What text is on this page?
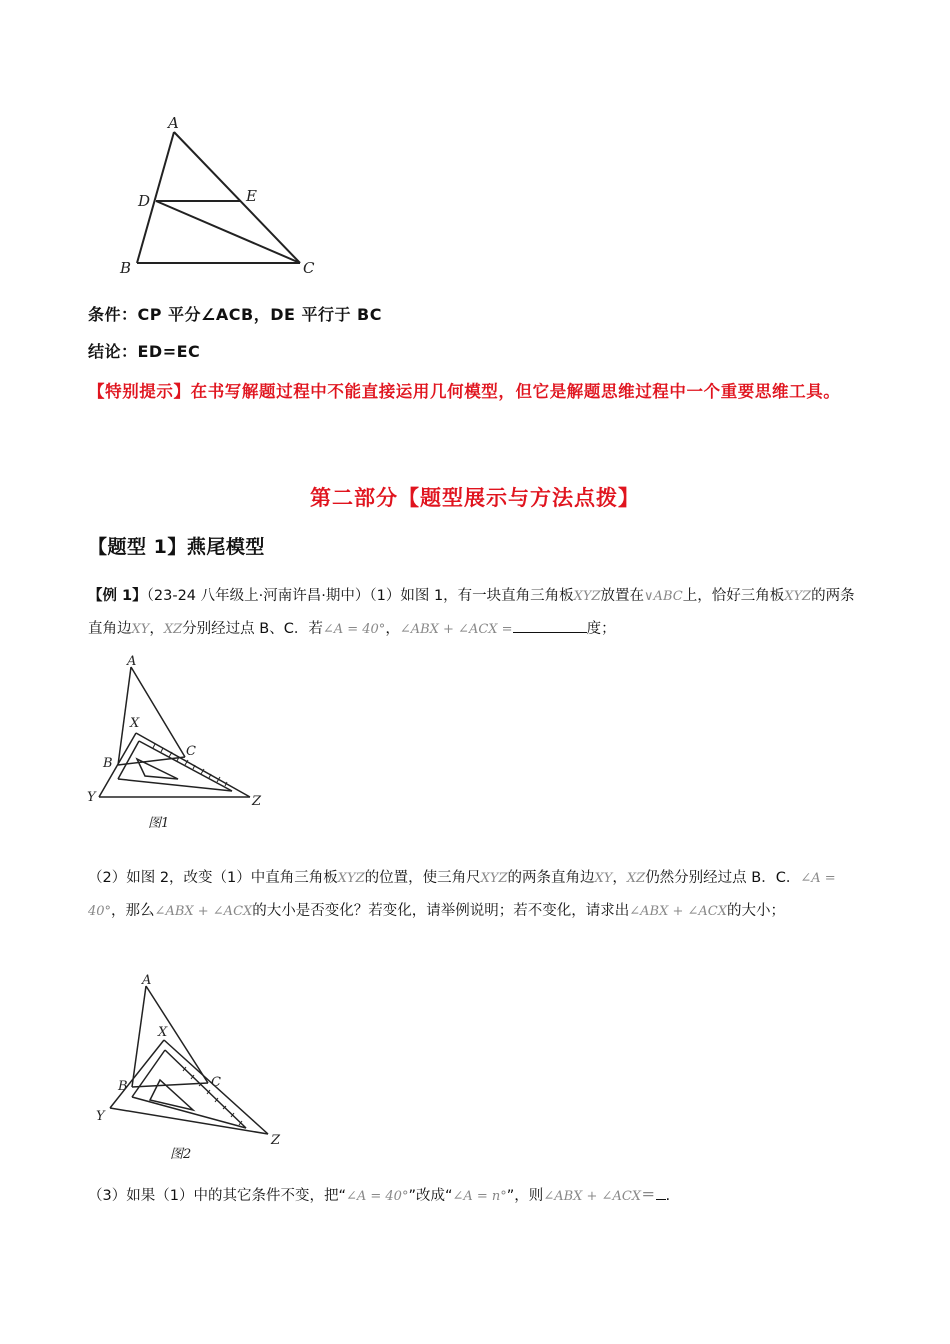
A
D	E
B	C
条件：CP 平分∠ACB，DE 平行于 BC
结论：ED=EC
【特别提示】在书写解题过程中不能直接运用几何模型，但它是解题思维过程中一个重要思维工具。
第二部分【题型展示与方法点拨】
【题型 1】燕尾模型
【例 1】（23-24 八年级上·河南许昌·期中）（1）如图 1，有一块直角三角板XYZ放置在∨ABC上，恰好三角板XYZ的两条直角边XY，XZ分别经过点 B、C．若∠A = 40°，∠ABX + ∠ACX =	度；
A
X
C
B
Y	Z
图1
（2）如图 2，改变（1）中直角三角板XYZ的位置，使三角尺XYZ的两条直角边XY，XZ仍然分别经过点 B．C．∠A = 40°，那么∠ABX + ∠ACX的大小是否变化？若变化，请举例说明；若不变化，请求出∠ABX + ∠ACX的大小；
A
X
C
B
Y
Z
图2
（3）如果（1）中的其它条件不变，把“∠A = 40°”改成“∠A = n°”，则∠ABX + ∠ACX＝ .
